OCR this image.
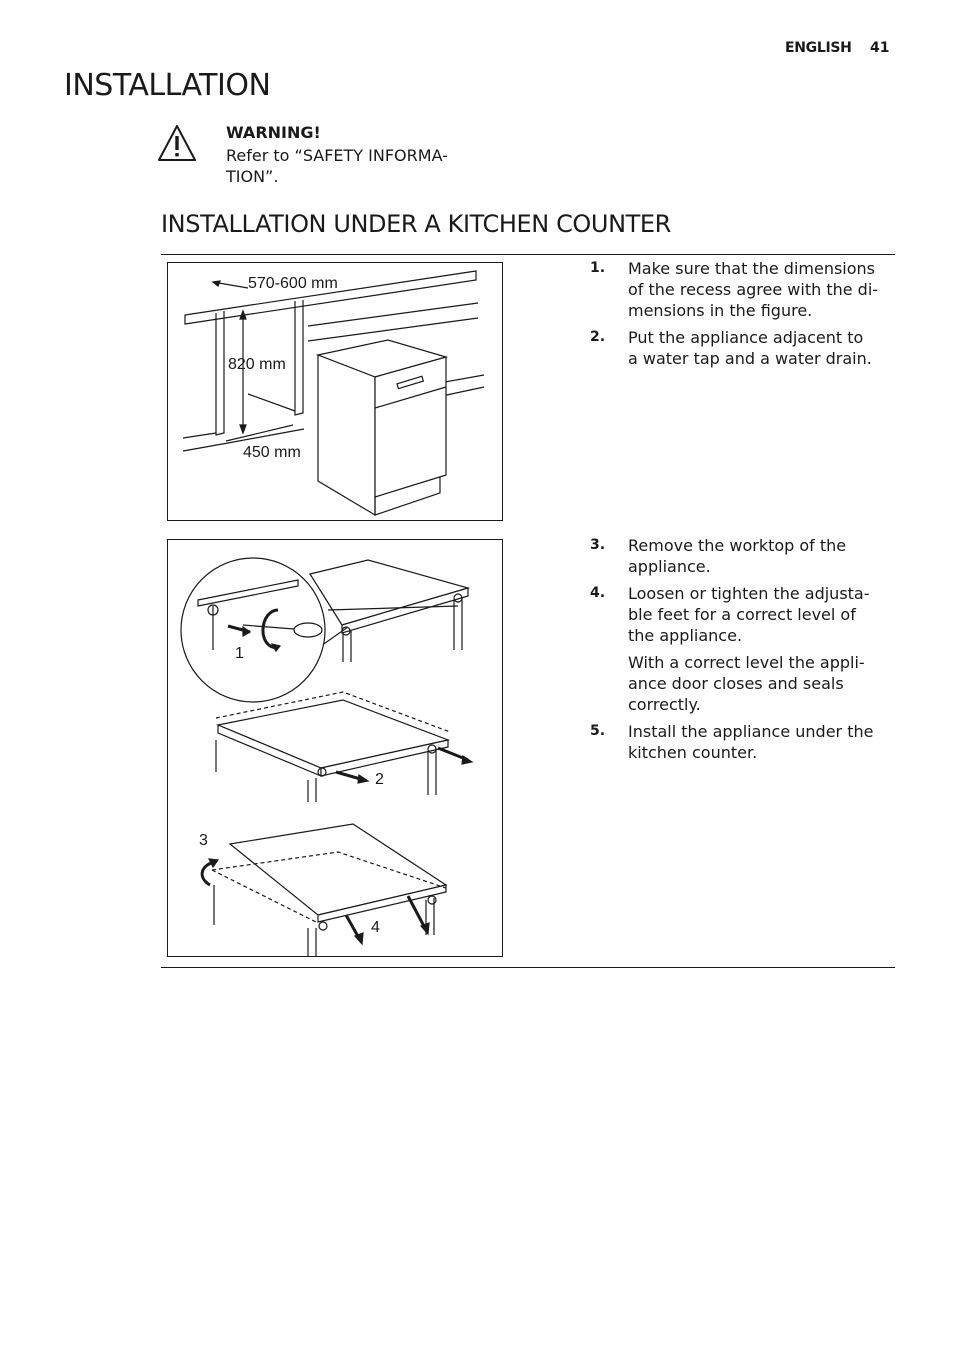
ENGLISH 41
INSTALLATION
WARNING!
Refer to “SAFETY INFORMA-
TION”.
INSTALLATION UNDER A KITCHEN COUNTER
570-600 mm
820 mm
450 mm
1. Make sure that the dimensions
of the recess agree with the di-
mensions in the figure.
2. Put the appliance adjacent to
a water tap and a water drain.
1
2
3
4
3. Remove the worktop of the
appliance.
4. Loosen or tighten the adjusta-
ble feet for a correct level of
the appliance.
With a correct level the appli-
ance door closes and seals
correctly.
5. Install the appliance under the
kitchen counter.
